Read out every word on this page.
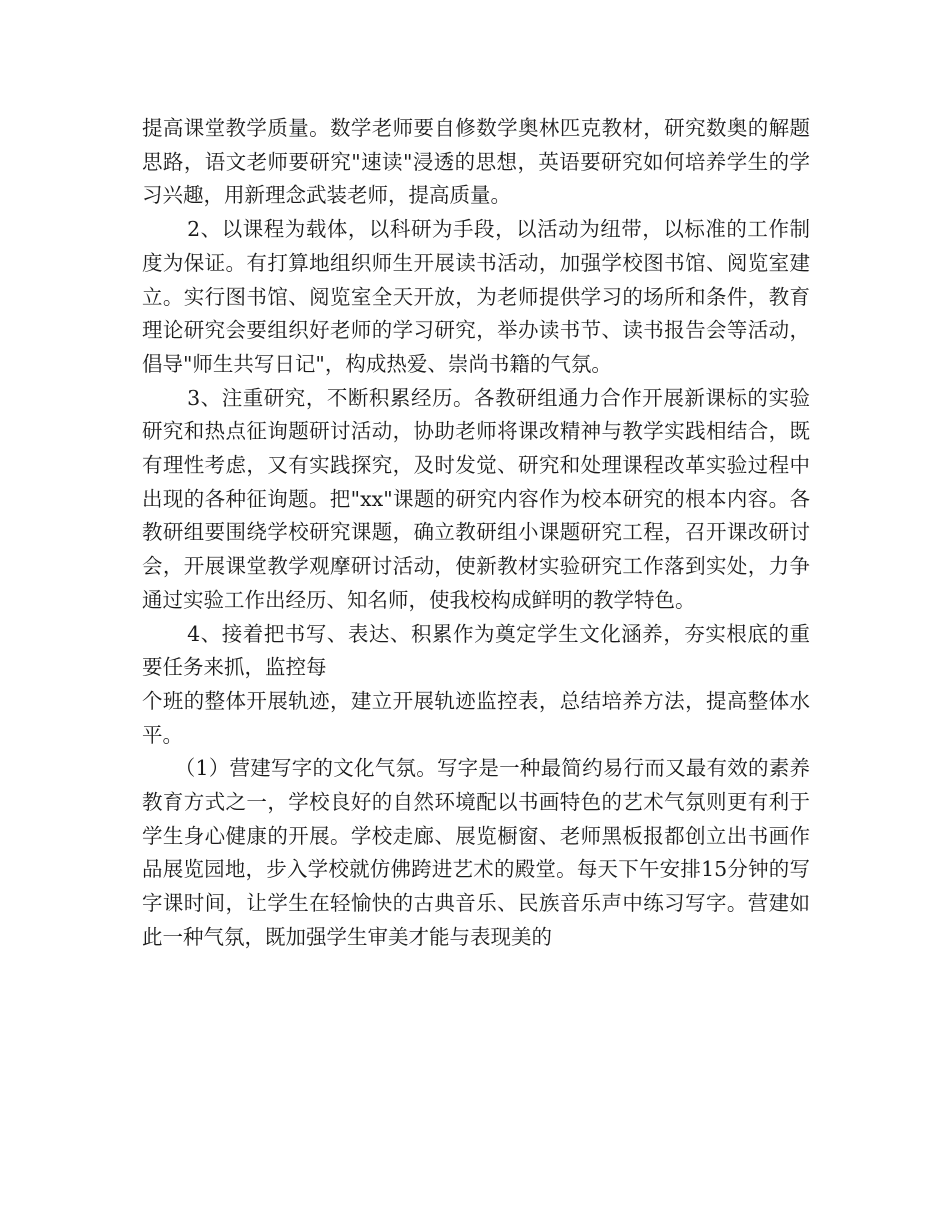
提高课堂教学质量。数学老师要自修数学奥林匹克教材，研究数奥的解题思路，语文老师要研究"速读"浸透的思想，英语要研究如何培养学生的学习兴趣，用新理念武装老师，提高质量。

2、以课程为载体，以科研为手段，以活动为纽带，以标准的工作制度为保证。有打算地组织师生开展读书活动，加强学校图书馆、阅览室建立。实行图书馆、阅览室全天开放，为老师提供学习的场所和条件，教育理论研究会要组织好老师的学习研究，举办读书节、读书报告会等活动，倡导"师生共写日记"，构成热爱、崇尚书籍的气氛。

3、注重研究，不断积累经历。各教研组通力合作开展新课标的实验研究和热点征询题研讨活动，协助老师将课改精神与教学实践相结合，既有理性考虑，又有实践探究，及时发觉、研究和处理课程改革实验过程中出现的各种征询题。把"xx"课题的研究内容作为校本研究的根本内容。各教研组要围绕学校研究课题，确立教研组小课题研究工程，召开课改研讨会，开展课堂教学观摩研讨活动，使新教材实验研究工作落到实处，力争通过实验工作出经历、知名师，使我校构成鲜明的教学特色。

4、接着把书写、表达、积累作为奠定学生文化涵养，夯实根底的重要任务来抓，监控每

个班的整体开展轨迹，建立开展轨迹监控表，总结培养方法，提高整体水平。

（1）营建写字的文化气氛。写字是一种最简约易行而又最有效的素养教育方式之一，学校良好的自然环境配以书画特色的艺术气氛则更有利于学生身心健康的开展。学校走廊、展览橱窗、老师黑板报都创立出书画作品展览园地，步入学校就仿佛跨进艺术的殿堂。每天下午安排15分钟的写字课时间，让学生在轻愉快的古典音乐、民族音乐声中练习写字。营建如此一种气氛，既加强学生审美才能与表现美的
